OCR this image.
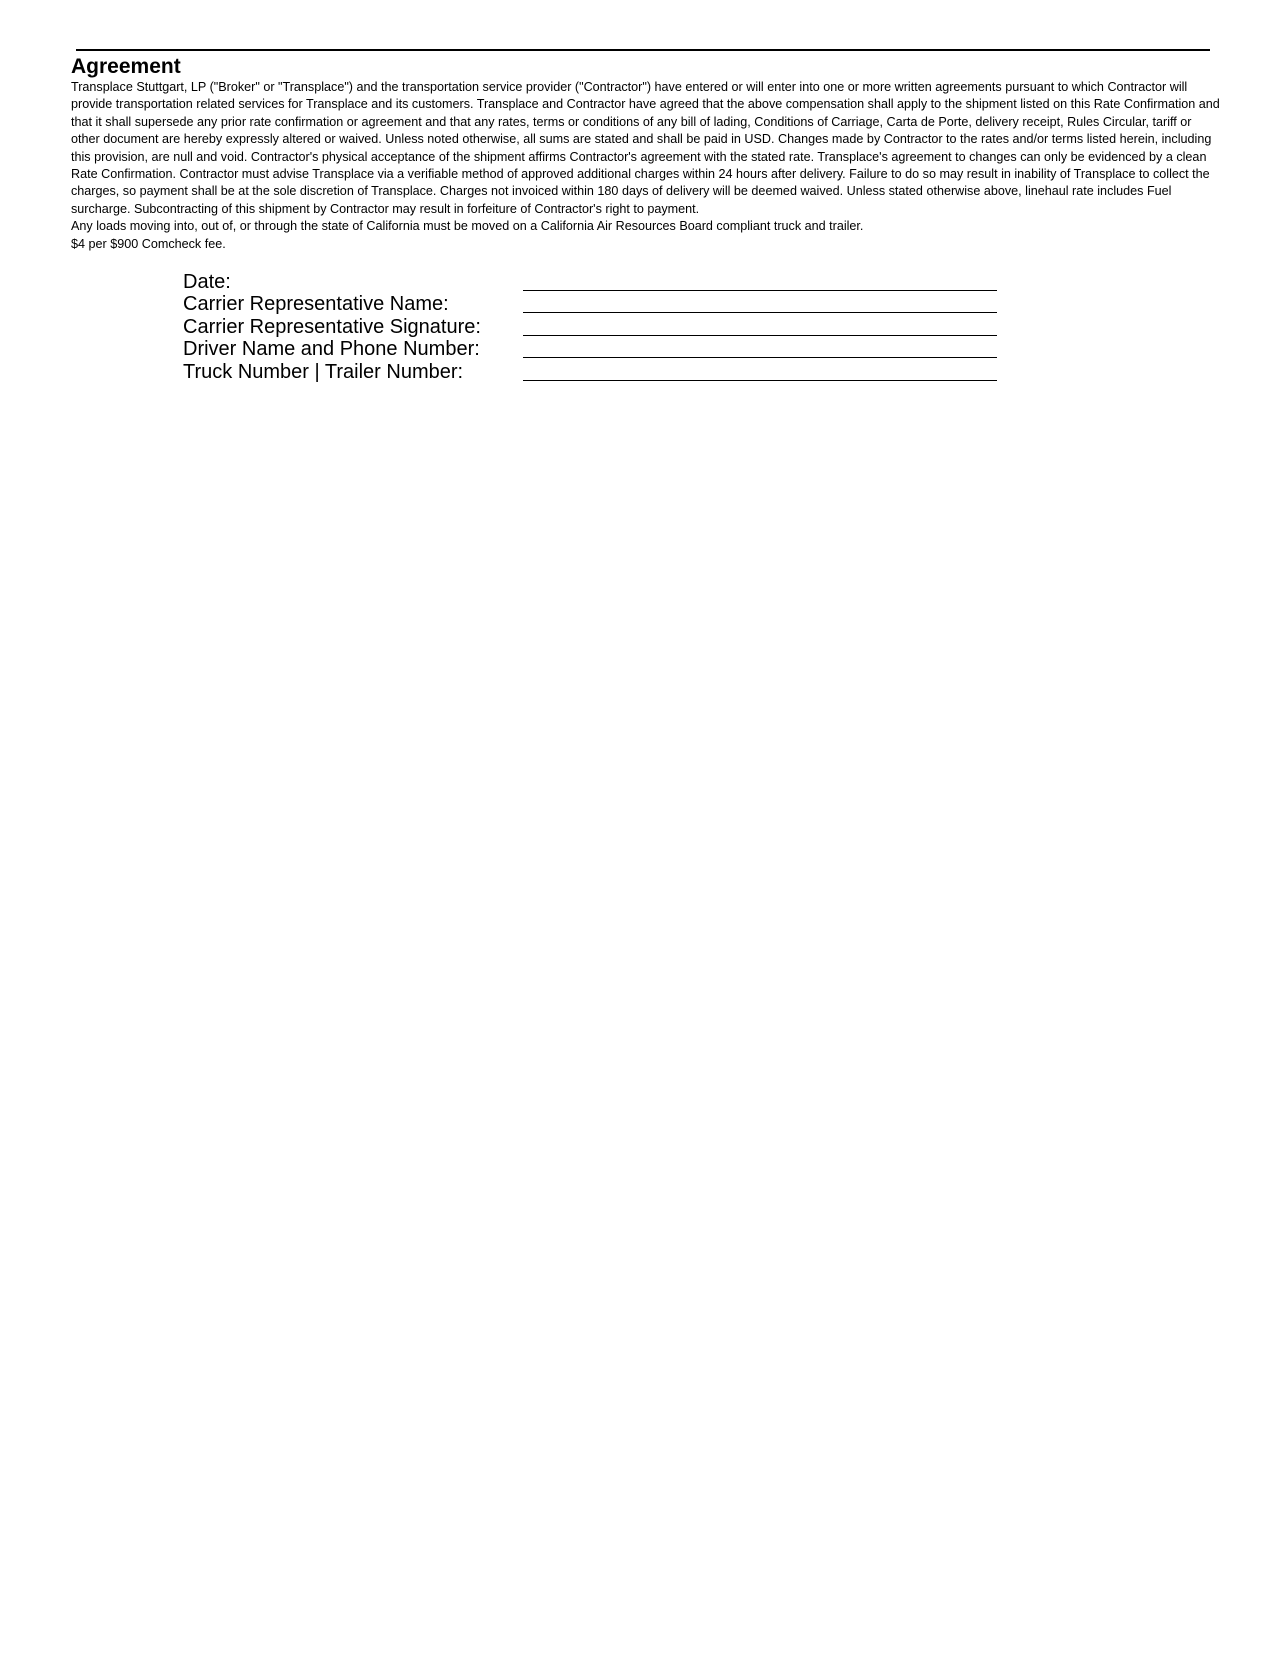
Agreement

Transplace Stuttgart, LP ("Broker" or "Transplace") and the transportation service provider ("Contractor") have entered or will enter into one or more written agreements pursuant to which Contractor will provide transportation related services for Transplace and its customers. Transplace and Contractor have agreed that the above compensation shall apply to the shipment listed on this Rate Confirmation and that it shall supersede any prior rate confirmation or agreement and that any rates, terms or conditions of any bill of lading, Conditions of Carriage, Carta de Porte, delivery receipt, Rules Circular, tariff or other document are hereby expressly altered or waived. Unless noted otherwise, all sums are stated and shall be paid in USD. Changes made by Contractor to the rates and/or terms listed herein, including this provision, are null and void. Contractor's physical acceptance of the shipment affirms Contractor's agreement with the stated rate. Transplace's agreement to changes can only be evidenced by a clean Rate Confirmation. Contractor must advise Transplace via a verifiable method of approved additional charges within 24 hours after delivery. Failure to do so may result in inability of Transplace to collect the charges, so payment shall be at the sole discretion of Transplace. Charges not invoiced within 180 days of delivery will be deemed waived. Unless stated otherwise above, linehaul rate includes Fuel surcharge. Subcontracting of this shipment by Contractor may result in forfeiture of Contractor's right to payment.

Any loads moving into, out of, or through the state of California must be moved on a California Air Resources Board compliant truck and trailer.

$4 per $900 Comcheck fee.

Date:
Carrier Representative Name:
Carrier Representative Signature:
Driver Name and Phone Number:
Truck Number | Trailer Number:
